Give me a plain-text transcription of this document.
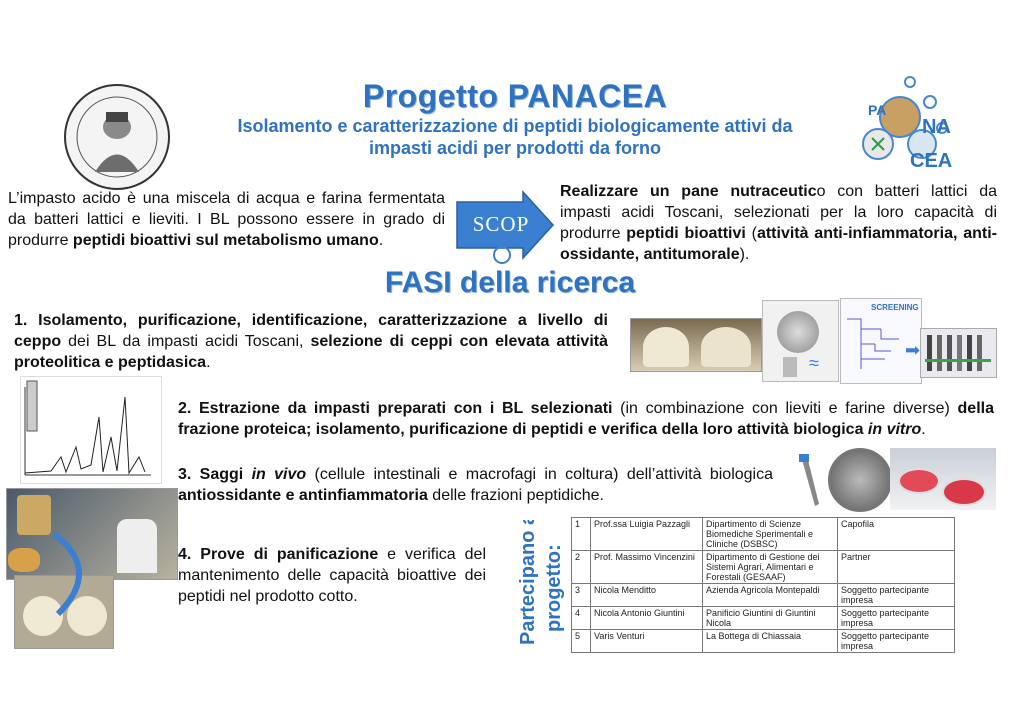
Progetto PANACEA
Isolamento e caratterizzazione di peptidi biologicamente attivi da
impasti acidi per prodotti da forno
PA
NA
CEA
L’impasto acido è una miscela di acqua e farina fermentata da batteri lattici e lieviti. I BL possono essere in grado di produrre peptidi bioattivi sul metabolismo umano.
SCOP
Realizzare un pane nutraceutico con batteri lattici da impasti acidi Toscani, selezionati per la loro capacità di produrre peptidi bioattivi (attività anti-infiammatoria, anti-ossidante, antitumorale).
FASI della ricerca
1. Isolamento, purificazione, identificazione, caratterizzazione a livello di ceppo dei BL da impasti acidi Toscani, selezione di ceppi con elevata attività proteolitica e peptidasica.	≈
SCREENING
➡
2. Estrazione da impasti preparati con i BL selezionati (in combinazione con lieviti e farine diverse) della frazione proteica; isolamento, purificazione di peptidi e verifica della loro attività biologica in vitro.
3. Saggi in vivo (cellule intestinali e macrofagi in coltura) dell’attività biologica antiossidante e antinfiammatoria delle frazioni peptidiche.
4. Prove di panificazione e verifica del mantenimento delle capacità bioattive dei peptidi nel prodotto cotto.	Partecipano al progetto:
1	Prof.ssa Luigia Pazzagli	Dipartimento di Scienze Biomediche Sperimentali e Cliniche (DSBSC)	Capofila
2	Prof. Massimo Vincenzini	Dipartimento di Gestione dei Sistemi Agrari, Alimentari e Forestali (GESAAF)	Partner
3	Nicola Menditto	Azienda Agricola Montepaldi	Soggetto partecipante impresa
4	Nicola Antonio Giuntini	Panificio Giuntini di Giuntini Nicola	Soggetto partecipante impresa
5	Varis Venturi	La Bottega di Chiassaia	Soggetto partecipante impresa
